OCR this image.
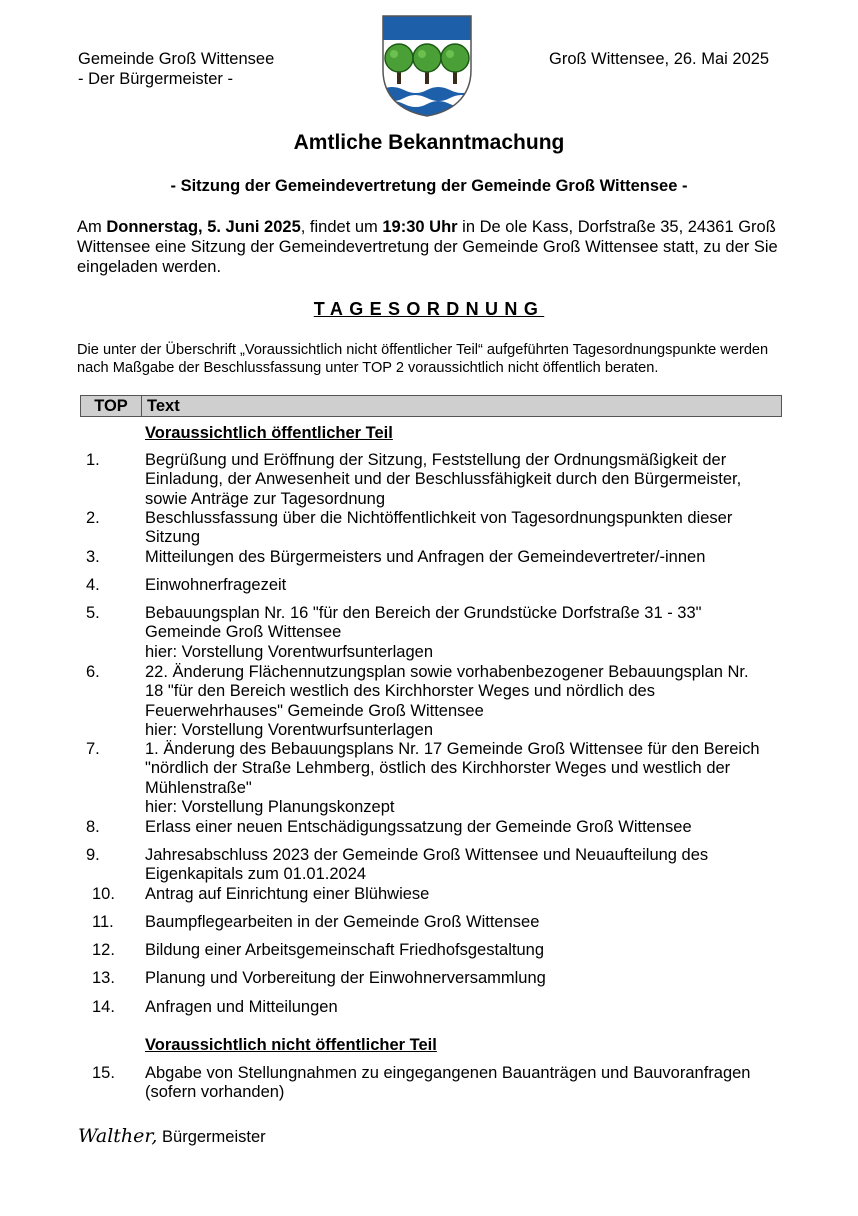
Gemeinde Groß Wittensee
- Der Bürgermeister -
Groß Wittensee, 26. Mai 2025
Amtliche Bekanntmachung
- Sitzung der Gemeindevertretung der Gemeinde Groß Wittensee -
Am Donnerstag, 5. Juni 2025, findet um 19:30 Uhr in De ole Kass, Dorfstraße 35, 24361 Groß Wittensee eine Sitzung der Gemeindevertretung der Gemeinde Groß Wittensee statt, zu der Sie eingeladen werden.
TAGESORDNUNG
Die unter der Überschrift „Voraussichtlich nicht öffentlicher Teil“ aufgeführten Tagesordnungspunkte werden nach Maßgabe der Beschlussfassung unter TOP 2 voraussichtlich nicht öffentlich beraten.
TOP	Text
Voraussichtlich öffentlicher Teil
1.	Begrüßung und Eröffnung der Sitzung, Feststellung der Ordnungsmäßigkeit der Einladung, der Anwesenheit und der Beschlussfähigkeit durch den Bürgermeister, sowie Anträge zur Tagesordnung
2.	Beschlussfassung über die Nichtöffentlichkeit von Tagesordnungspunkten dieser Sitzung
3.	Mitteilungen des Bürgermeisters und Anfragen der Gemeindevertreter/-innen
4.	Einwohnerfragezeit
5.	Bebauungsplan Nr. 16 "für den Bereich der Grundstücke Dorfstraße 31 - 33" Gemeinde Groß Wittensee
hier: Vorstellung Vorentwurfsunterlagen
6.	22. Änderung Flächennutzungsplan sowie vorhabenbezogener Bebauungsplan Nr. 18 "für den Bereich westlich des Kirchhorster Weges und nördlich des Feuerwehrhauses" Gemeinde Groß Wittensee
hier: Vorstellung Vorentwurfsunterlagen
7.	1. Änderung des Bebauungsplans Nr. 17 Gemeinde Groß Wittensee für den Bereich "nördlich der Straße Lehmberg, östlich des Kirchhorster Weges und westlich der Mühlenstraße"
hier: Vorstellung Planungskonzept
8.	Erlass einer neuen Entschädigungssatzung der Gemeinde Groß Wittensee
9.	Jahresabschluss 2023 der Gemeinde Groß Wittensee und Neuaufteilung des Eigenkapitals zum 01.01.2024
10.	Antrag auf Einrichtung einer Blühwiese
11.	Baumpflegearbeiten in der Gemeinde Groß Wittensee
12.	Bildung einer Arbeitsgemeinschaft Friedhofsgestaltung
13.	Planung und Vorbereitung der Einwohnerversammlung
14.	Anfragen und Mitteilungen
15.	Abgabe von Stellungnahmen zu eingegangenen Bauanträgen und Bauvoranfragen (sofern vorhanden)
Voraussichtlich nicht öffentlicher Teil
Walther, Bürgermeister
